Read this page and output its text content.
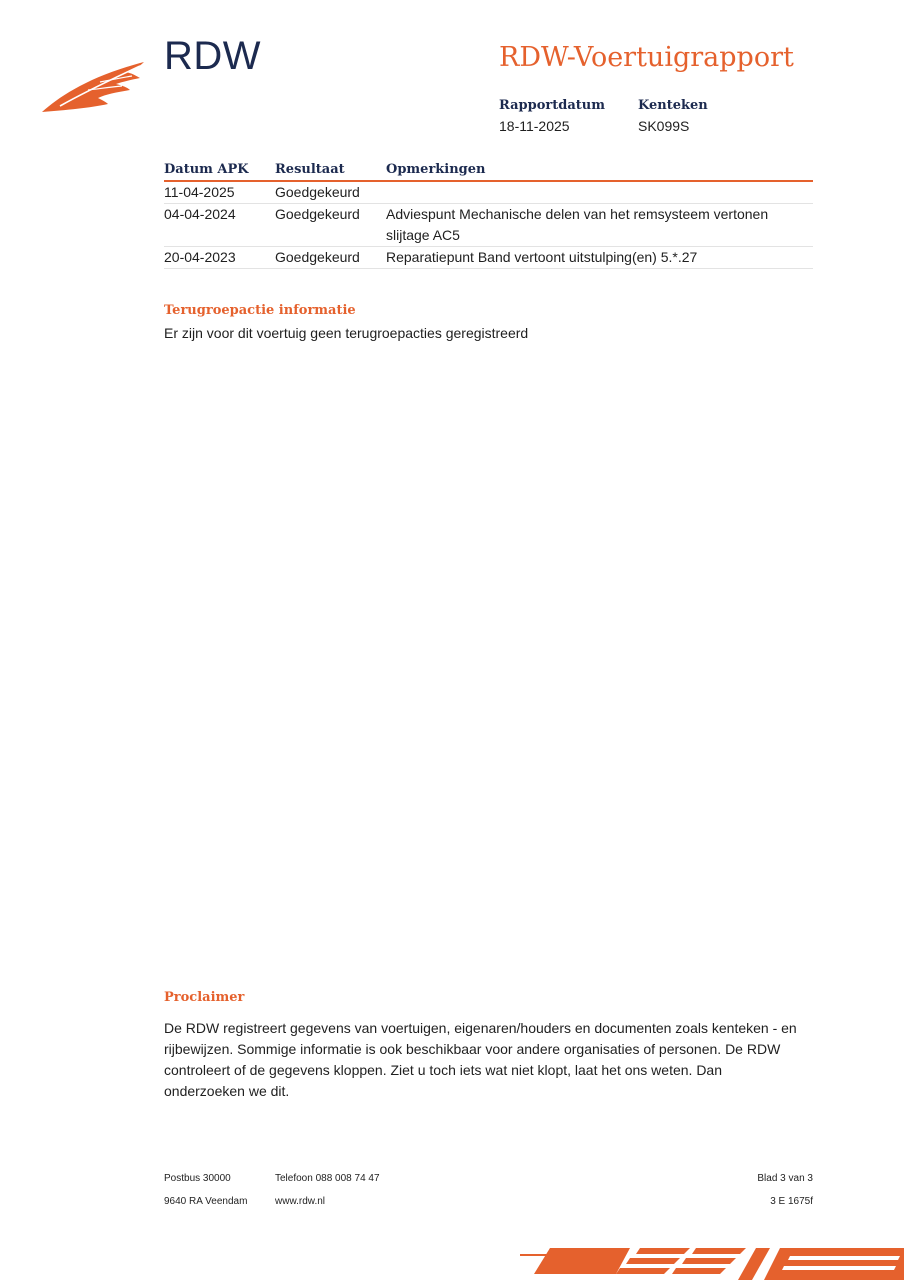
RDW	RDW-Voertuigrapport
Rapportdatum
18-11-2025
Kenteken
SK099S
Datum APK	Resultaat	Opmerkingen
11-04-2025	Goedgekeurd	
04-04-2024	Goedgekeurd	Adviespunt Mechanische delen van het remsysteem vertonen slijtage AC5
20-04-2023	Goedgekeurd	Reparatiepunt Band vertoont uitstulping(en) 5.*.27
Terugroepactie informatie
Er zijn voor dit voertuig geen terugroepacties geregistreerd
Proclaimer
De RDW registreert gegevens van voertuigen, eigenaren/houders en documenten zoals kenteken - en rijbewijzen. Sommige informatie is ook beschikbaar voor andere organisaties of personen. De RDW controleert of de gegevens kloppen. Ziet u toch iets wat niet klopt, laat het ons weten. Dan onderzoeken we dit.
Postbus 30000
9640 RA Veendam
Telefoon 088 008 74 47
www.rdw.nl
Blad 3 van 3
3 E 1675f
